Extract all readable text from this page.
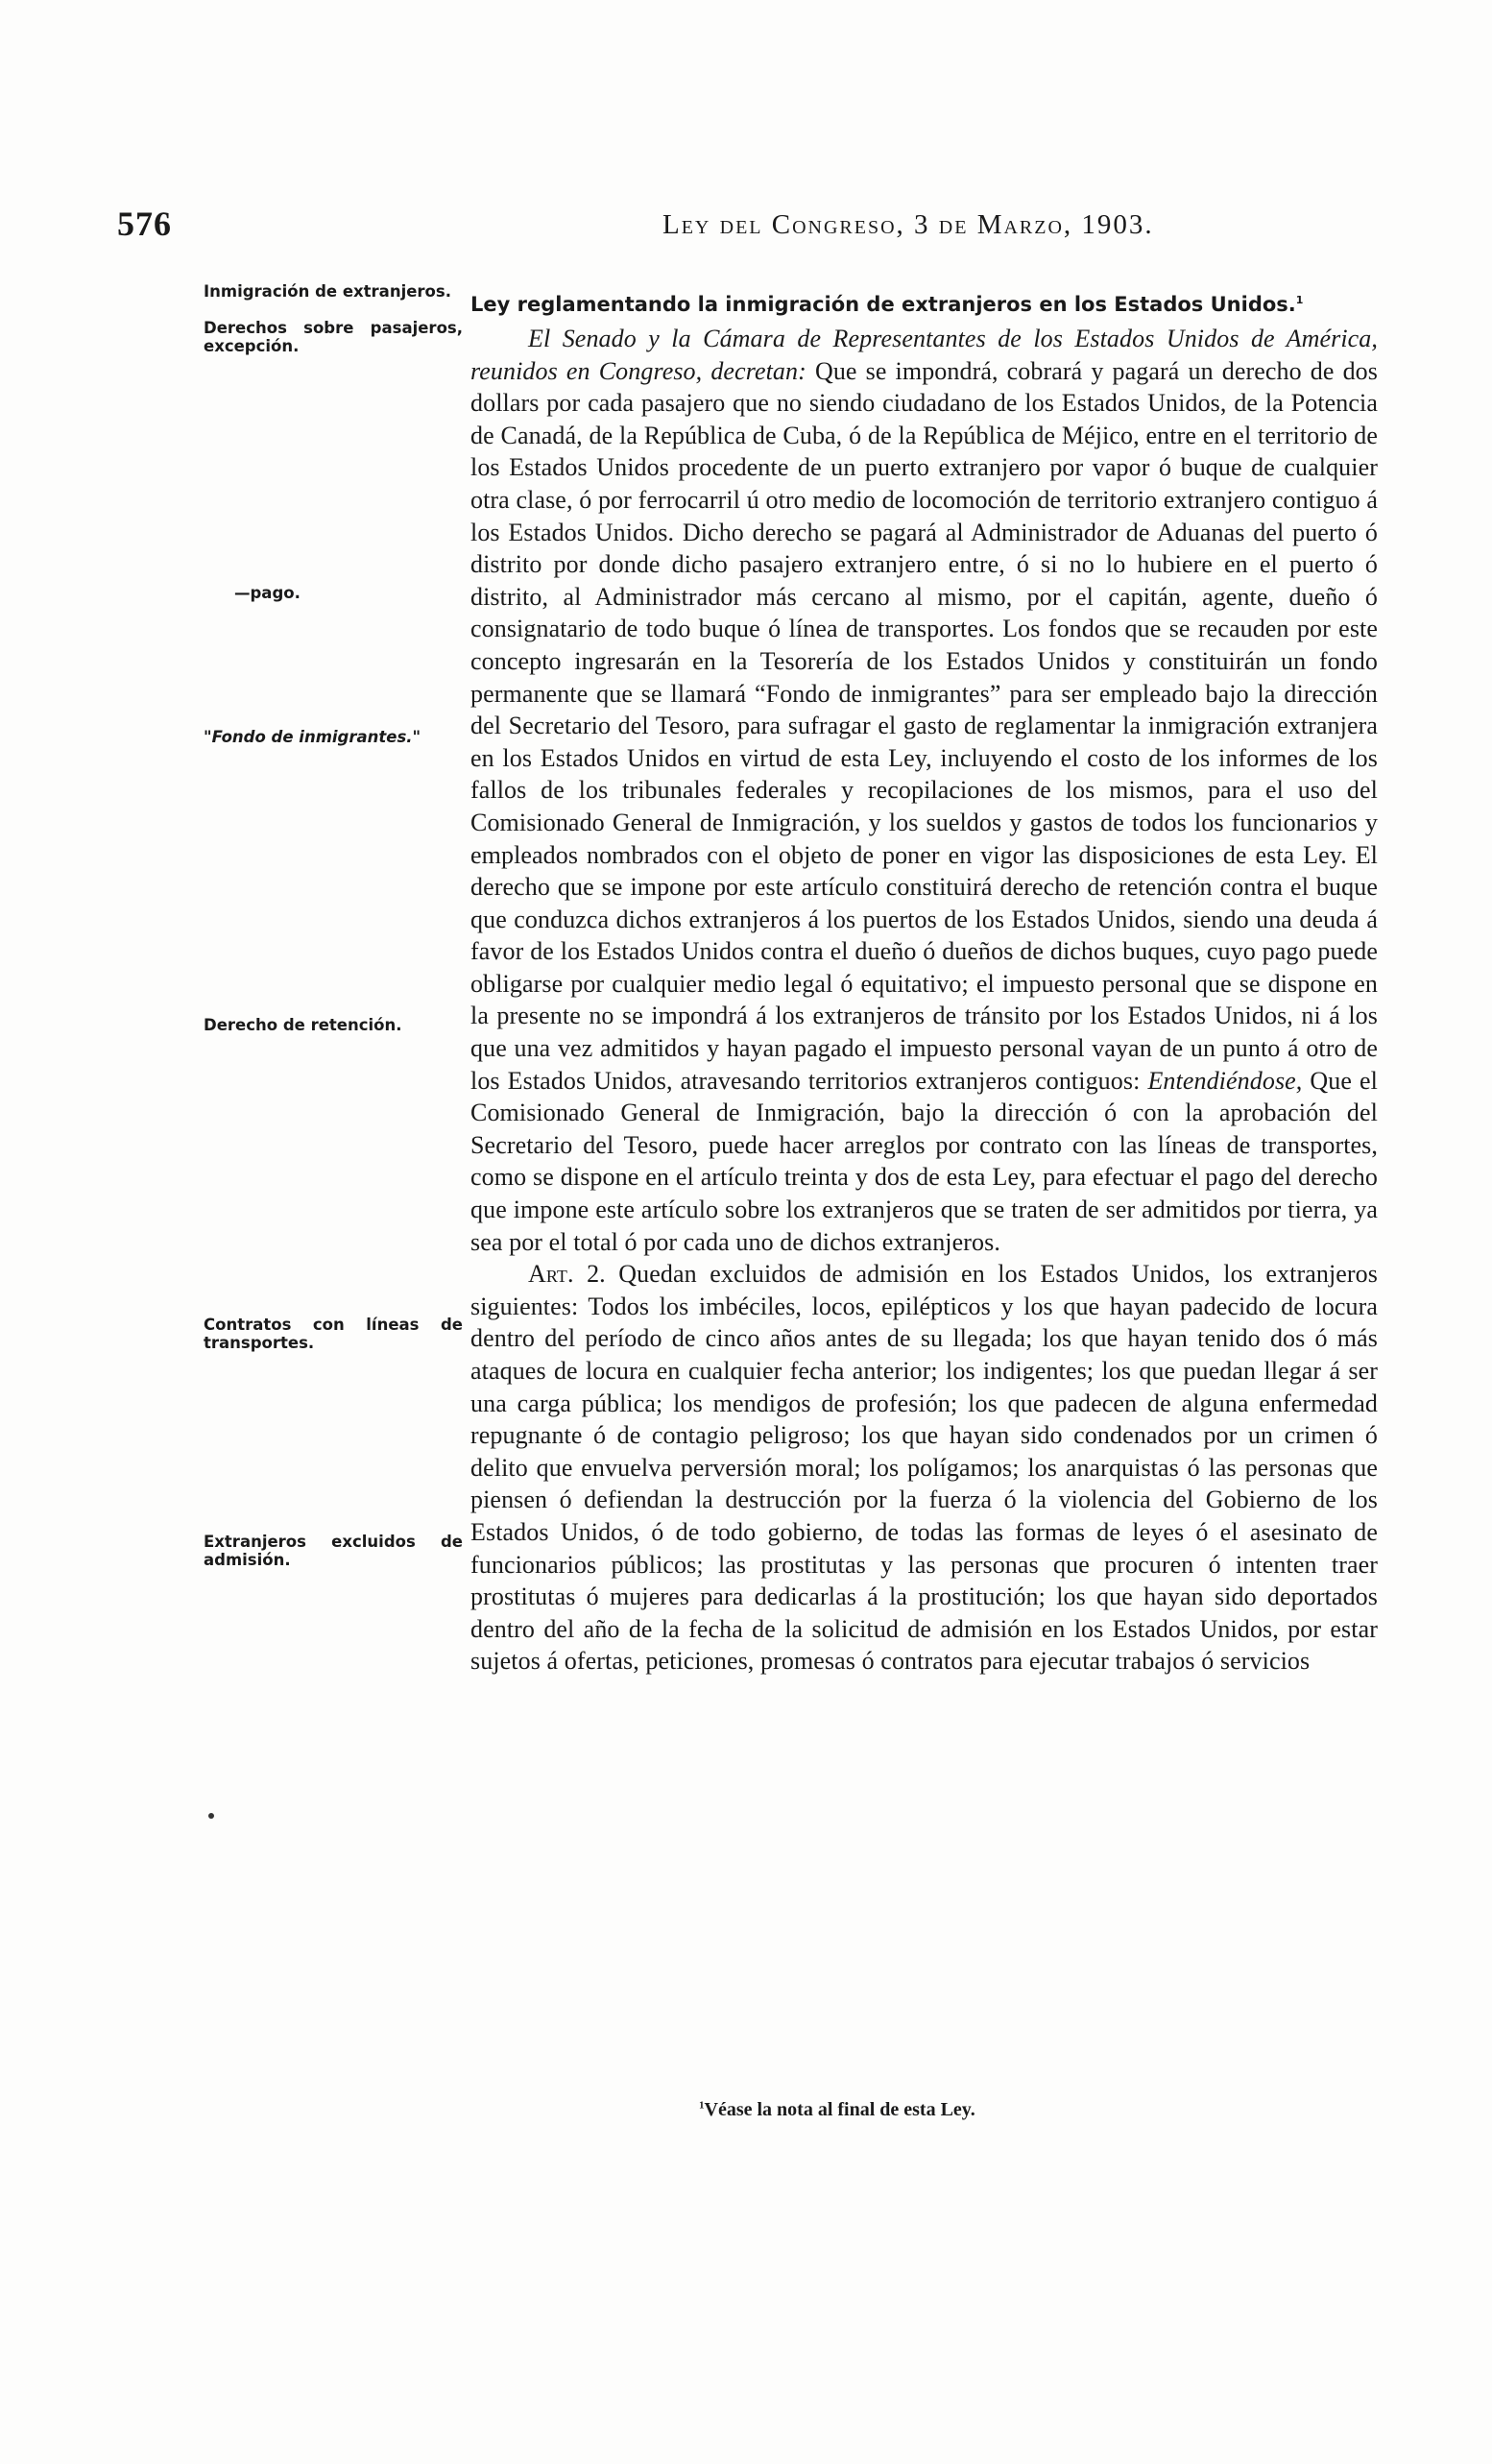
576	Ley del Congreso, 3 de Marzo, 1903.
Inmigración de extranjeros.
Derechos sobre pasajeros, excepción.
—pago.
"Fondo de inmigrantes."
Derecho de retención.
Contratos con líneas de transportes.
Extranjeros excluidos de admisión.
Ley reglamentando la inmigración de extranjeros en los Estados Unidos.$^1$

El Senado y la Cámara de Representantes de los Estados Unidos de América, reunidos en Congreso, decretan: Que se impondrá, cobrará y pagará un derecho de dos dollars por cada pasajero que no siendo ciudadano de los Estados Unidos, de la Potencia de Canadá, de la República de Cuba, ó de la República de Méjico, entre en el territorio de los Estados Unidos procedente de un puerto extranjero por vapor ó buque de cualquier otra clase, ó por ferrocarril ú otro medio de locomoción de territorio extranjero contiguo á los Estados Unidos. Dicho derecho se pagará al Administrador de Aduanas del puerto ó distrito por donde dicho pasajero extranjero entre, ó si no lo hubiere en el puerto ó distrito, al Administrador más cercano al mismo, por el capitán, agente, dueño ó consignatario de todo buque ó línea de transportes. Los fondos que se recauden por este concepto ingresarán en la Tesorería de los Estados Unidos y constituirán un fondo permanente que se llamará “Fondo de inmigrantes” para ser empleado bajo la dirección del Secretario del Tesoro, para sufragar el gasto de reglamentar la inmigración extranjera en los Estados Unidos en virtud de esta Ley, incluyendo el costo de los informes de los fallos de los tribunales federales y recopilaciones de los mismos, para el uso del Comisionado General de Inmigración, y los sueldos y gastos de todos los funcionarios y empleados nombrados con el objeto de poner en vigor las disposiciones de esta Ley. El derecho que se impone por este artículo constituirá derecho de retención contra el buque que conduzca dichos extranjeros á los puertos de los Estados Unidos, siendo una deuda á favor de los Estados Unidos contra el dueño ó dueños de dichos buques, cuyo pago puede obligarse por cualquier medio legal ó equitativo; el impuesto personal que se dispone en la presente no se impondrá á los extranjeros de tránsito por los Estados Unidos, ni á los que una vez admitidos y hayan pagado el impuesto personal vayan de un punto á otro de los Estados Unidos, atravesando territorios extranjeros contiguos: Entendiéndose, Que el Comisionado General de Inmigración, bajo la dirección ó con la aprobación del Secretario del Tesoro, puede hacer arreglos por contrato con las líneas de transportes, como se dispone en el artículo treinta y dos de esta Ley, para efectuar el pago del derecho que impone este artículo sobre los extranjeros que se traten de ser admitidos por tierra, ya sea por el total ó por cada uno de dichos extranjeros.

Art. 2. Quedan excluidos de admisión en los Estados Unidos, los extranjeros siguientes: Todos los imbéciles, locos, epilépticos y los que hayan padecido de locura dentro del período de cinco años antes de su llegada; los que hayan tenido dos ó más ataques de locura en cualquier fecha anterior; los indigentes; los que puedan llegar á ser una carga pública; los mendigos de profesión; los que padecen de alguna enfermedad repugnante ó de contagio peligroso; los que hayan sido condenados por un crimen ó delito que envuelva perversión moral; los polígamos; los anarquistas ó las personas que piensen ó defiendan la destrucción por la fuerza ó la violencia del Gobierno de los Estados Unidos, ó de todo gobierno, de todas las formas de leyes ó el asesinato de funcionarios públicos; las prostitutas y las personas que procuren ó intenten traer prostitutas ó mujeres para dedicarlas á la prostitución; los que hayan sido deportados dentro del año de la fecha de la solicitud de admisión en los Estados Unidos, por estar sujetos á ofertas, peticiones, promesas ó contratos para ejecutar trabajos ó servicios

$^1$Véase la nota al final de esta Ley.
